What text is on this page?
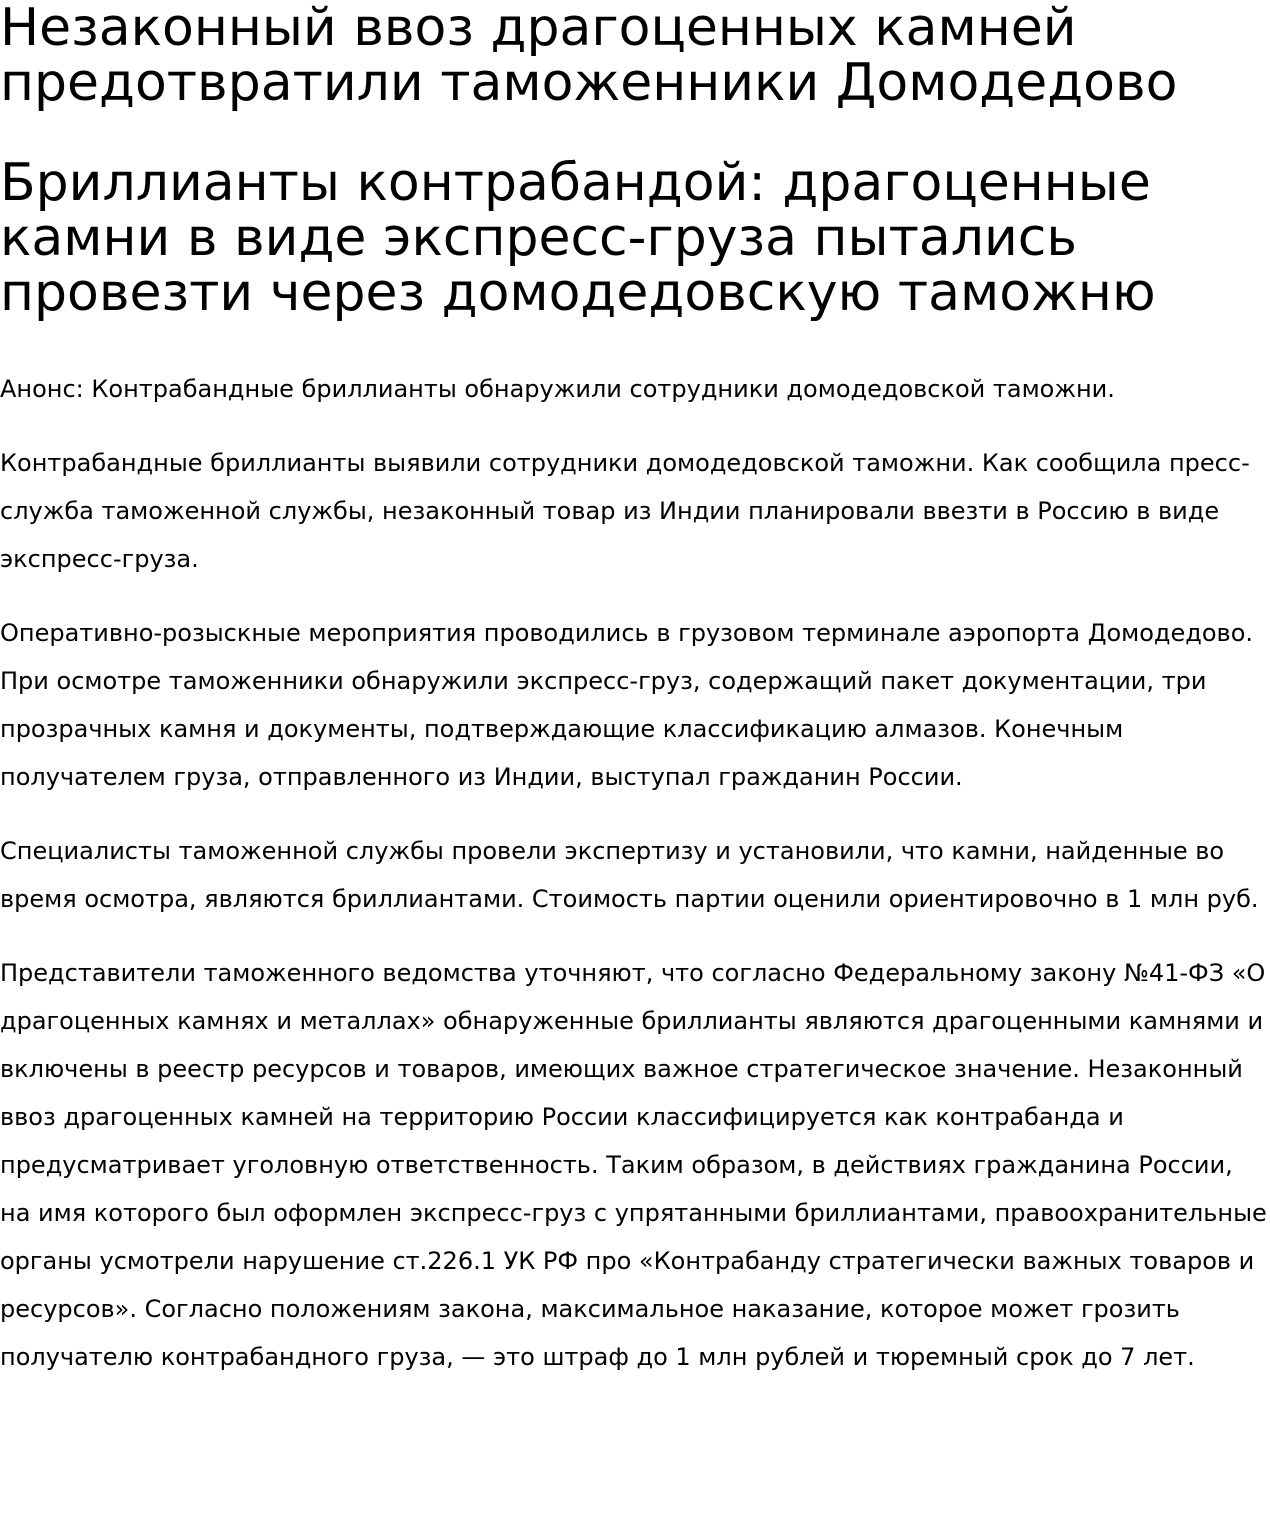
Незаконный ввоз драгоценных камней предотвратили таможенники Домодедово
Бриллианты контрабандой: драгоценные камни в виде экспресс-груза пытались провезти через домодедовскую таможню

Анонс: Контрабандные бриллианты обнаружили сотрудники домодедовской таможни.

Контрабандные бриллианты выявили сотрудники домодедовской таможни. Как сообщила пресс-служба таможенной службы, незаконный товар из Индии планировали ввезти в Россию в виде экспресс-груза.

Оперативно-розыскные мероприятия проводились в грузовом терминале аэропорта Домодедово. При осмотре таможенники обнаружили экспресс-груз, содержащий пакет документации, три прозрачных камня и документы, подтверждающие классификацию алмазов. Конечным получателем груза, отправленного из Индии, выступал гражданин России.

Специалисты таможенной службы провели экспертизу и установили, что камни, найденные во время осмотра, являются бриллиантами. Стоимость партии оценили ориентировочно в 1 млн руб.

Представители таможенного ведомства уточняют, что согласно Федеральному закону №41-ФЗ «О драгоценных камнях и металлах» обнаруженные бриллианты являются драгоценными камнями и включены в реестр ресурсов и товаров, имеющих важное стратегическое значение. Незаконный ввоз драгоценных камней на территорию России классифицируется как контрабанда и предусматривает уголовную ответственность. Таким образом, в действиях гражданина России, на имя которого был оформлен экспресс-груз с упрятанными бриллиантами, правоохранительные органы усмотрели нарушение ст.226.1 УК РФ про «Контрабанду стратегически важных товаров и ресурсов». Согласно положениям закона, максимальное наказание, которое может грозить получателю контрабандного груза, — это штраф до 1 млн рублей и тюремный срок до 7 лет.
